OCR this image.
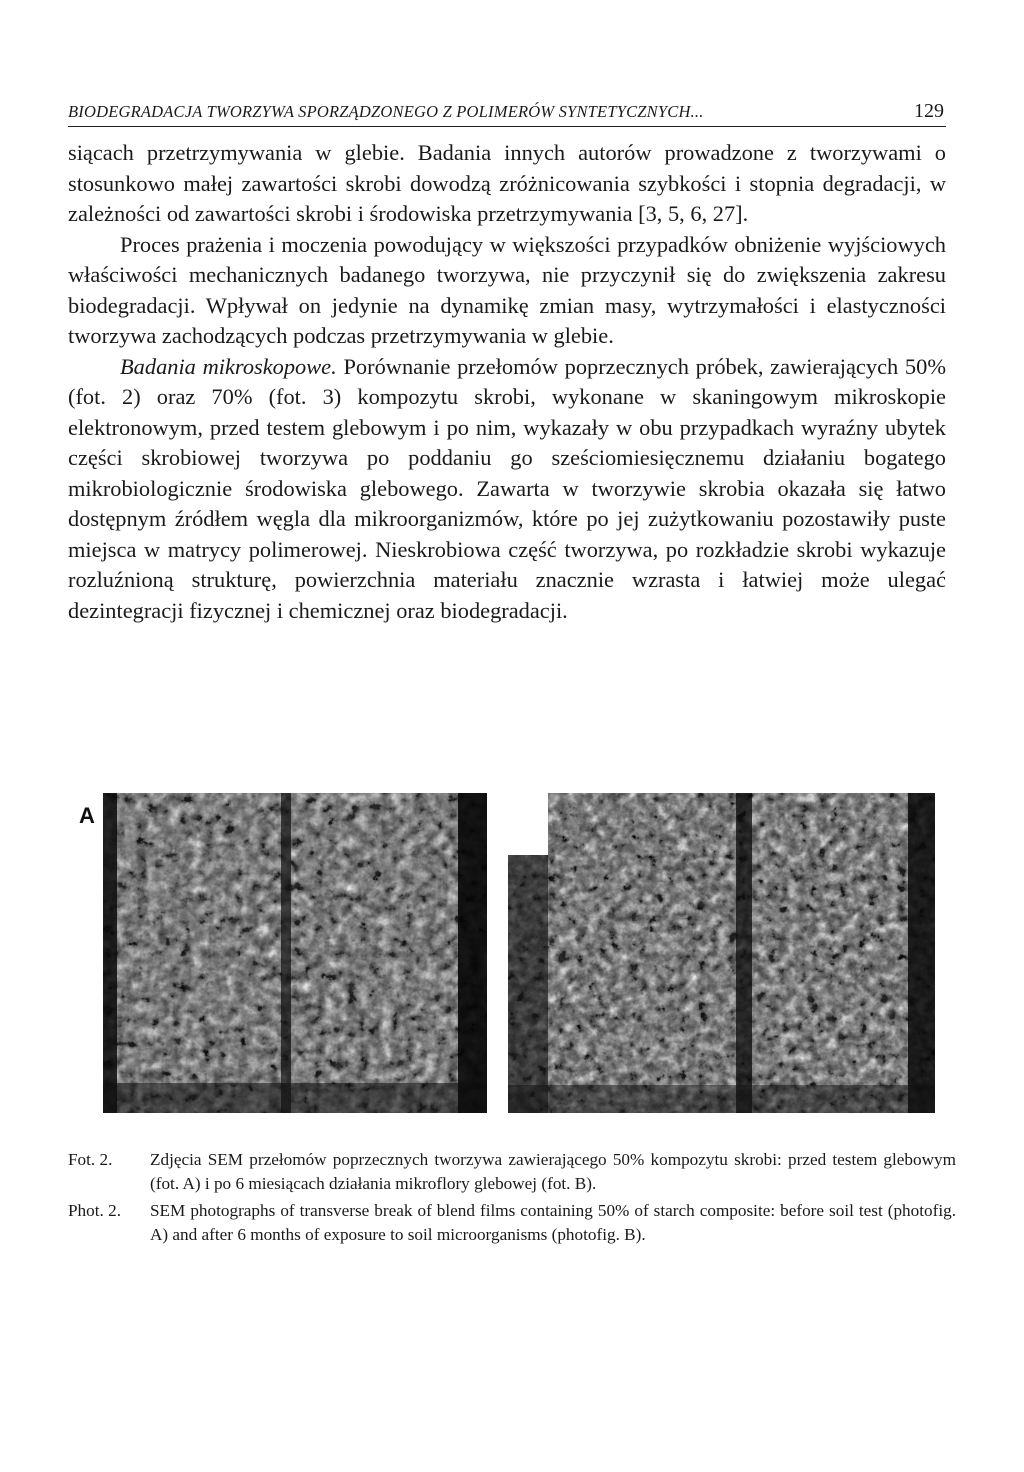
BIODEGRADACJA TWORZYWA SPORZĄDZONEGO Z POLIMERÓW SYNTETYCZNYCH...	129

siącach przetrzymywania w glebie. Badania innych autorów prowadzone z tworzywami o stosunkowo małej zawartości skrobi dowodzą zróżnicowania szybkości i stopnia degradacji, w zależności od zawartości skrobi i środowiska przetrzymywania [3, 5, 6, 27].

Proces prażenia i moczenia powodujący w większości przypadków obniżenie wyjściowych właściwości mechanicznych badanego tworzywa, nie przyczynił się do zwiększenia zakresu biodegradacji. Wpływał on jedynie na dynamikę zmian masy, wytrzymałości i elastyczności tworzywa zachodzących podczas przetrzymywania w glebie.

Badania mikroskopowe. Porównanie przełomów poprzecznych próbek, zawierających 50% (fot. 2) oraz 70% (fot. 3) kompozytu skrobi, wykonane w skaningowym mikroskopie elektronowym, przed testem glebowym i po nim, wykazały w obu przypadkach wyraźny ubytek części skrobiowej tworzywa po poddaniu go sześciomiesięcznemu działaniu bogatego mikrobiologicznie środowiska glebowego. Zawarta w tworzywie skrobia okazała się łatwo dostępnym źródłem węgla dla mikroorganizmów, które po jej zużytkowaniu pozostawiły puste miejsca w matrycy polimerowej. Nieskrobiowa część tworzywa, po rozkładzie skrobi wykazuje rozluźnioną strukturę, powierzchnia materiału znacznie wzrasta i łatwiej może ulegać dezintegracji fizycznej i chemicznej oraz biodegradacji.

A
Fot. 2. Zdjęcia SEM przełomów poprzecznych tworzywa zawierającego 50% kompozytu skrobi: przed testem glebowym (fot. A) i po 6 miesiącach działania mikroflory glebowej (fot. B).
Phot. 2. SEM photographs of transverse break of blend films containing 50% of starch composite: before soil test (photofig. A) and after 6 months of exposure to soil microorganisms (photofig. B).
